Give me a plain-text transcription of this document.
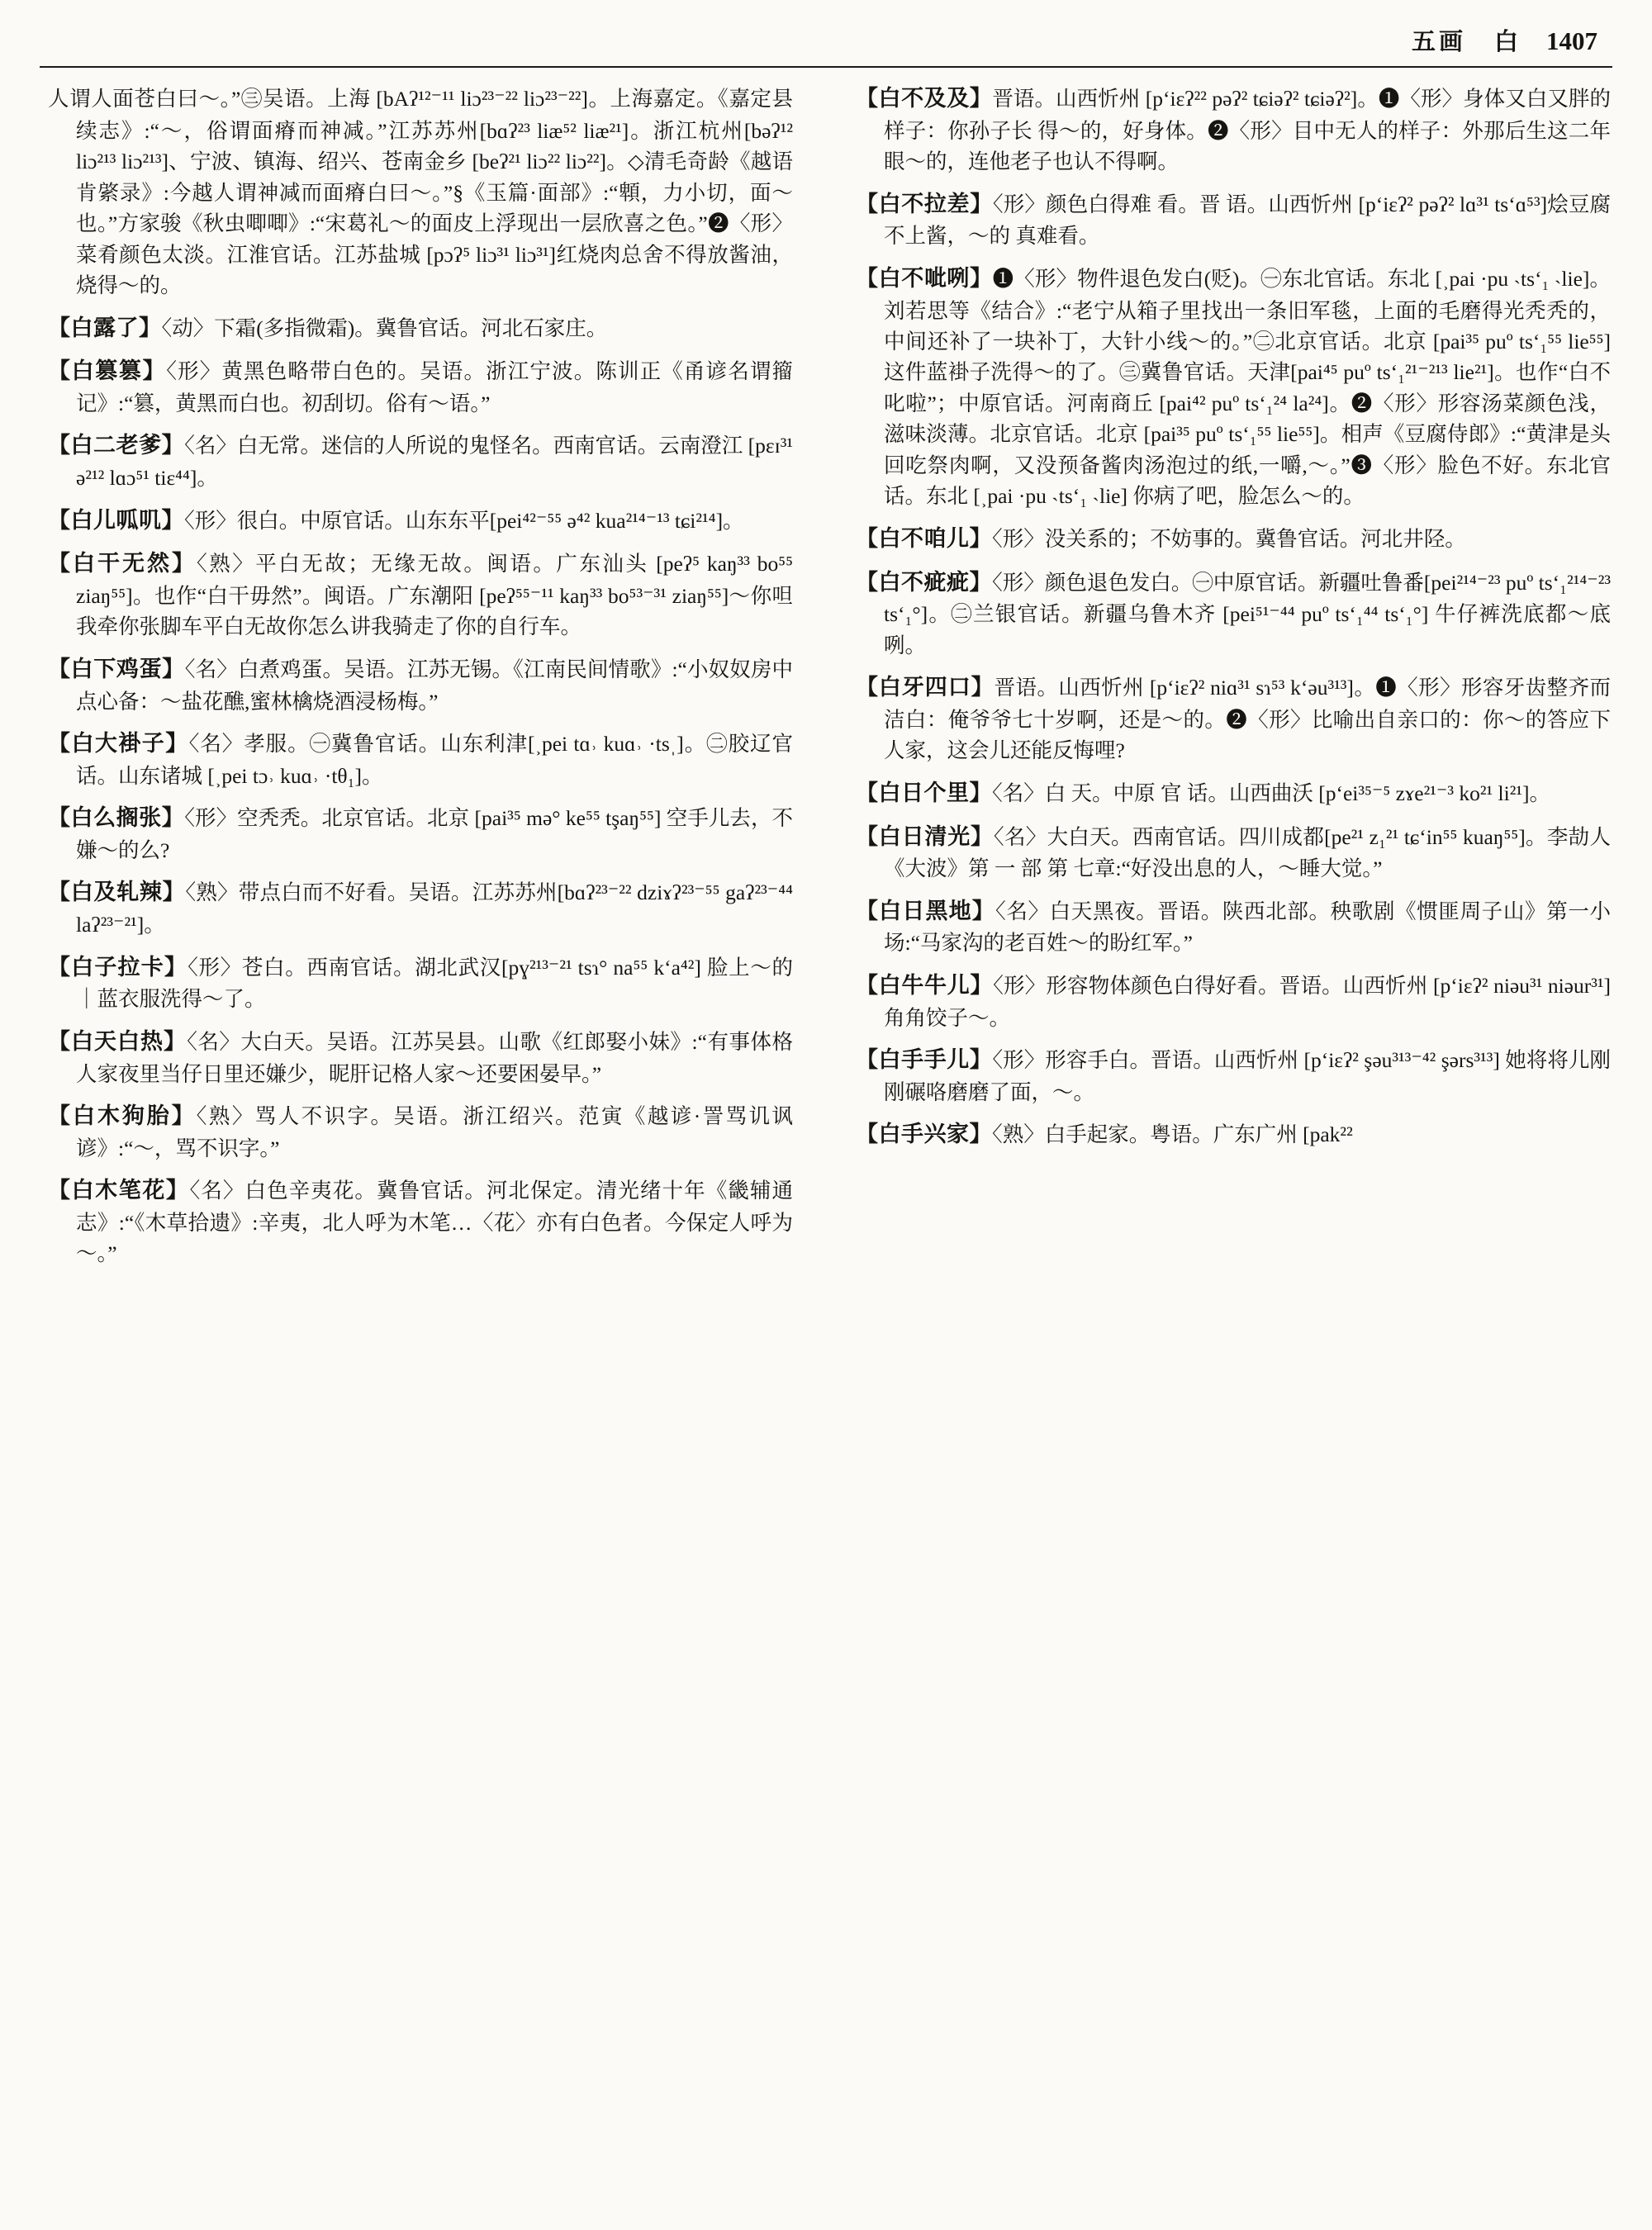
五画 白 1407

人谓人面苍白曰～。”㊂吴语。上海 [bAʔ¹²⁻¹¹ liɔ²³⁻²² liɔ²³⁻²²]。上海嘉定。《嘉定县续志》:“～，俗谓面瘠而神减。”江苏苏州[bɑʔ²³ liæ⁵² liæ²¹]。浙江杭州[bəʔ¹² liɔ²¹³ liɔ²¹³]、宁波、镇海、绍兴、苍南金乡 [beʔ²¹ liɔ²² liɔ²²]。◇清毛奇龄《越语肯綮录》:今越人谓神减而面瘠白曰～。”§《玉篇·面部》:“䫌，力小切，面～也。”方家骏《秋虫唧唧》:“宋葛礼～的面皮上浮现出一层欣喜之色。”❷〈形〉菜肴颜色太淡。江淮官话。江苏盐城 [pɔʔ⁵ liɔ³¹ liɔ³¹]红烧肉总舍不得放酱油，烧得～的。

【白露了】〈动〉下霜(多指微霜)。冀鲁官话。河北石家庄。

【白篡篡】〈形〉黄黑色略带白色的。吴语。浙江宁波。陈训正《甬谚名谓籀记》:“篡，黄黑而白也。初刮切。俗有～语。”

【白二老爹】〈名〉白无常。迷信的人所说的鬼怪名。西南官话。云南澄江 [pɛɪ³¹ ə²¹² lɑɔ⁵¹ tiɛ⁴⁴]。

【白儿呱叽】〈形〉很白。中原官话。山东东平[pei⁴²⁻⁵⁵ ə⁴² kua²¹⁴⁻¹³ tɕi²¹⁴]。

【白干无然】〈熟〉平白无故；无缘无故。闽语。广东汕头 [peʔ⁵ kaŋ³³ bo⁵⁵ ziaŋ⁵⁵]。也作“白干毋然”。闽语。广东潮阳 [peʔ⁵⁵⁻¹¹ kaŋ³³ bo⁵³⁻³¹ ziaŋ⁵⁵]～你呾我牵你张脚车平白无故你怎么讲我骑走了你的自行车。

【白下鸡蛋】〈名〉白煮鸡蛋。吴语。江苏无锡。《江南民间情歌》:“小奴奴房中点心备：～盐花醮,蜜林檎烧酒浸杨梅。”

【白大褂子】〈名〉孝服。㊀冀鲁官话。山东利津[˲pei tɑ˒ kuɑ˒ ·tsˌ]。㊁胶辽官话。山东诸城 [˲pei tɔ˒ kuɑ˒ ·tθ₁]。

【白么搁张】〈形〉空秃秃。北京官话。北京 [pai³⁵ mə° ke⁵⁵ tşaŋ⁵⁵] 空手儿去，不嫌～的么?

【白及轧辣】〈熟〉带点白而不好看。吴语。江苏苏州[bɑʔ²³⁻²² dziɤʔ²³⁻⁵⁵ gaʔ²³⁻⁴⁴ laʔ²³⁻²¹]。

【白子拉卡】〈形〉苍白。西南官话。湖北武汉[pɣ²¹³⁻²¹ tsɿ° na⁵⁵ kʻa⁴²] 脸上～的｜蓝衣服洗得～了。

【白天白热】〈名〉大白天。吴语。江苏吴县。山歌《红郎娶小妹》:“有事体格人家夜里当仔日里还嫌少，昵肝记格人家～还要困晏早。”

【白木狗胎】〈熟〉骂人不识字。吴语。浙江绍兴。范寅《越谚·詈骂讥讽谚》:“～，骂不识字。”

【白木笔花】〈名〉白色辛夷花。冀鲁官话。河北保定。清光绪十年《畿辅通志》:“《木草拾遗》:辛夷，北人呼为木笔…〈花〉亦有白色者。今保定人呼为～。”

【白不及及】晋语。山西忻州 [pʻiɛʔ²² pəʔ² tɕiəʔ² tɕiəʔ²]。❶〈形〉身体又白又胖的样子：你孙子长 得～的，好身体。❷〈形〉目中无人的样子：外那后生这二年眼～的，连他老子也认不得啊。

【白不拉差】〈形〉颜色白得难 看。晋 语。山西忻州 [pʻiɛʔ² pəʔ² lɑ³¹ tsʻɑ⁵³]烩豆腐不上酱，～的 真难看。

【白不呲咧】❶〈形〉物件退色发白(贬)。㊀东北官话。东北 [˲pai ·pu ˴tsʻ₁ ˴lie]。刘若思等《结合》:“老宁从箱子里找出一条旧军毯，上面的毛磨得光秃秃的，中间还补了一块补丁，大针小线～的。”㊁北京官话。北京 [pai³⁵ puº tsʻ₁⁵⁵ lie⁵⁵] 这件蓝褂子洗得～的了。㊂冀鲁官话。天津[pai⁴⁵ puº tsʻ₁²¹⁻²¹³ lie²¹]。也作“白不叱啦”；中原官话。河南商丘 [pai⁴² puº tsʻ₁²⁴ la²⁴]。❷〈形〉形容汤菜颜色浅，滋味淡薄。北京官话。北京 [pai³⁵ puº tsʻ₁⁵⁵ lie⁵⁵]。相声《豆腐侍郎》:“黄津是头回吃祭肉啊，又没预备酱肉汤泡过的纸,一嚼,～。”❸〈形〉脸色不好。东北官话。东北 [˲pai ·pu ˴tsʻ₁ ˴lie] 你病了吧，脸怎么～的。

【白不咱儿】〈形〉没关系的；不妨事的。冀鲁官话。河北井陉。

【白不疵疵】〈形〉颜色退色发白。㊀中原官话。新疆吐鲁番[pei²¹⁴⁻²³ puº tsʻ₁²¹⁴⁻²³ tsʻ₁°]。㊁兰银官话。新疆乌鲁木齐 [pei⁵¹⁻⁴⁴ puº tsʻ₁⁴⁴ tsʻ₁°] 牛仔裤洗底都～底咧。

【白牙四口】晋语。山西忻州 [pʻiɛʔ² niɑ³¹ sɿ⁵³ kʻəu³¹³]。❶〈形〉形容牙齿整齐而洁白：俺爷爷七十岁啊，还是～的。❷〈形〉比喻出自亲口的：你～的答应下人家，这会儿还能反悔哩?

【白日个里】〈名〉白 天。中原 官 话。山西曲沃 [pʻei³⁵⁻⁵ zɤe²¹⁻³ ko²¹ li²¹]。

【白日清光】〈名〉大白天。西南官话。四川成都[pe²¹ z₁²¹ tɕʻin⁵⁵ kuaŋ⁵⁵]。李劼人《大波》第 一 部 第 七章:“好没出息的人，～睡大觉。”

【白日黑地】〈名〉白天黑夜。晋语。陕西北部。秧歌剧《惯匪周子山》第一小场:“马家沟的老百姓～的盼红军。”

【白牛牛儿】〈形〉形容物体颜色白得好看。晋语。山西忻州 [pʻiɛʔ² niəu³¹ niəur³¹] 角角饺子～。

【白手手儿】〈形〉形容手白。晋语。山西忻州 [pʻiɛʔ² şəu³¹³⁻⁴² şərs³¹³] 她将将儿刚刚碾咯磨磨了面，～。

【白手兴家】〈熟〉白手起家。粤语。广东广州 [pak²²
